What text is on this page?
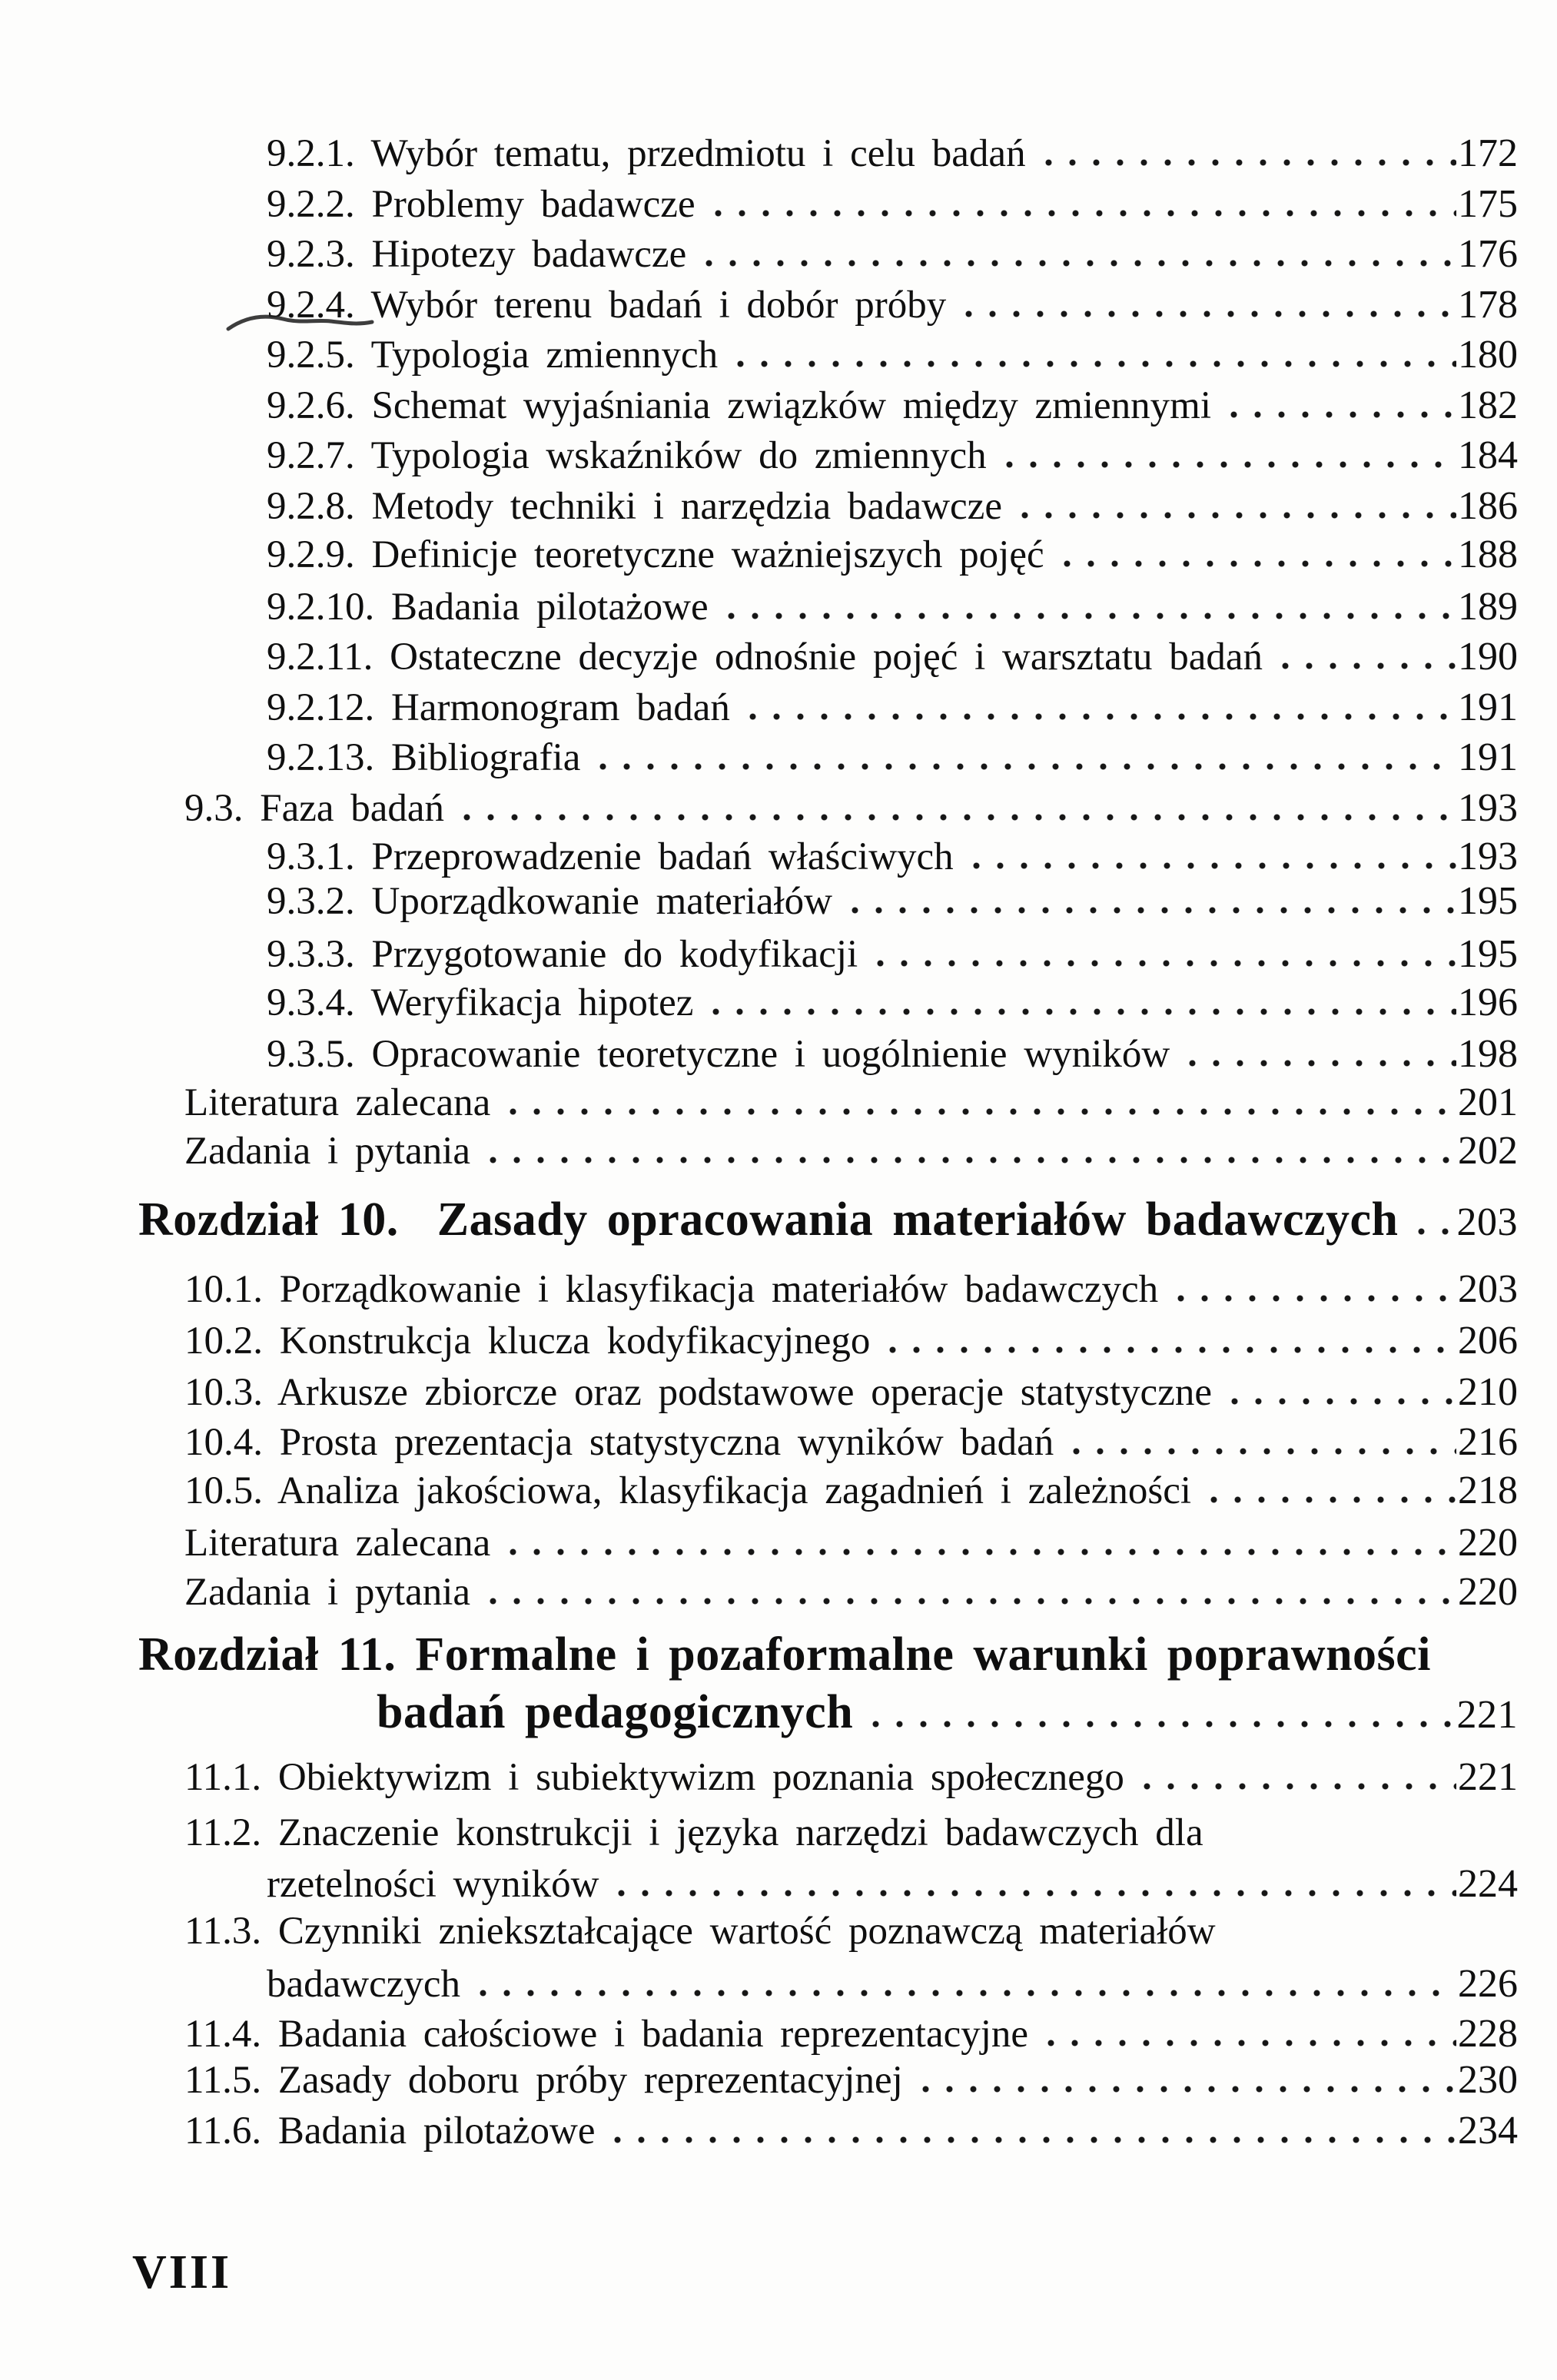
9.2.1. Wybór tematu, przedmiotu i celu badań	172
9.2.2. Problemy badawcze	175
9.2.3. Hipotezy badawcze	176
9.2.4. Wybór terenu badań i dobór próby	178
9.2.5. Typologia zmiennych	180
9.2.6. Schemat wyjaśniania związków między zmiennymi	182
9.2.7. Typologia wskaźników do zmiennych	184
9.2.8. Metody techniki i narzędzia badawcze	186
9.2.9. Definicje teoretyczne ważniejszych pojęć	188
9.2.10. Badania pilotażowe	189
9.2.11. Ostateczne decyzje odnośnie pojęć i warsztatu badań	190
9.2.12. Harmonogram badań	191
9.2.13. Bibliografia	191
9.3. Faza badań	193
9.3.1. Przeprowadzenie badań właściwych	193
9.3.2. Uporządkowanie materiałów	195
9.3.3. Przygotowanie do kodyfikacji	195
9.3.4. Weryfikacja hipotez	196
9.3.5. Opracowanie teoretyczne i uogólnienie wyników	198
Literatura zalecana	201
Zadania i pytania	202
Rozdział 10.  Zasady opracowania materiałów badawczych 203
10.1. Porządkowanie i klasyfikacja materiałów badawczych	203
10.2. Konstrukcja klucza kodyfikacyjnego	206
10.3. Arkusze zbiorcze oraz podstawowe operacje statystyczne	210
10.4. Prosta prezentacja statystyczna wyników badań	216
10.5. Analiza jakościowa, klasyfikacja zagadnień i zależności	218
Literatura zalecana	220
Zadania i pytania	220
Rozdział 11. Formalne i pozaformalne warunki poprawności
badań pedagogicznych	221
11.1. Obiektywizm i subiektywizm poznania społecznego	221
11.2. Znaczenie konstrukcji i języka narzędzi badawczych dla
rzetelności wyników	224
11.3. Czynniki zniekształcające wartość poznawczą materiałów
badawczych	226
11.4. Badania całościowe i badania reprezentacyjne	228
11.5. Zasady doboru próby reprezentacyjnej	230
11.6. Badania pilotażowe	234
VIII
